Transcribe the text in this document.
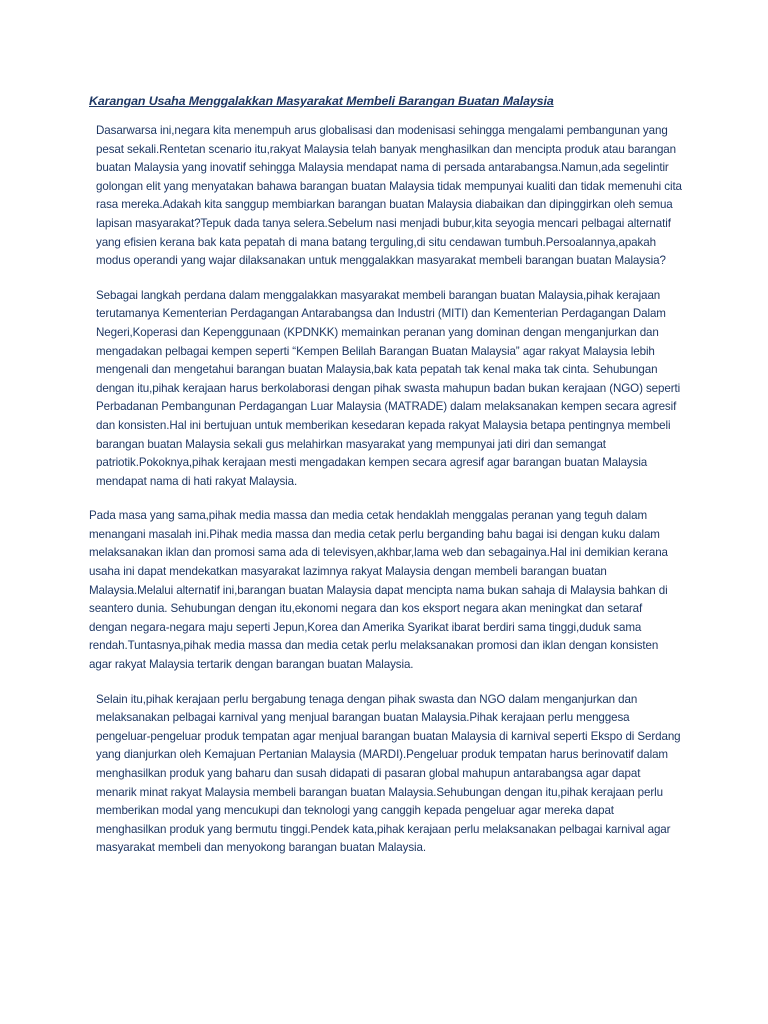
Karangan Usaha Menggalakkan Masyarakat Membeli Barangan Buatan Malaysia
Dasarwarsa ini,negara kita menempuh arus globalisasi dan modenisasi sehingga mengalami pembangunan yang
pesat sekali.Rentetan scenario itu,rakyat Malaysia telah banyak menghasilkan dan mencipta produk atau barangan
buatan Malaysia yang inovatif sehingga Malaysia mendapat nama di persada antarabangsa.Namun,ada segelintir
golongan elit yang menyatakan bahawa barangan buatan Malaysia tidak mempunyai kualiti dan tidak memenuhi cita
rasa mereka.Adakah kita sanggup membiarkan barangan buatan Malaysia diabaikan dan dipinggirkan oleh semua
lapisan masyarakat?Tepuk dada tanya selera.Sebelum nasi menjadi bubur,kita seyogia mencari pelbagai alternatif
yang efisien kerana bak kata pepatah di mana batang terguling,di situ cendawan tumbuh.Persoalannya,apakah
modus operandi yang wajar dilaksanakan untuk menggalakkan masyarakat membeli barangan buatan Malaysia?
Sebagai langkah perdana dalam menggalakkan masyarakat membeli barangan buatan Malaysia,pihak kerajaan
terutamanya Kementerian Perdagangan Antarabangsa dan Industri (MITI) dan Kementerian Perdagangan Dalam
Negeri,Koperasi dan Kepenggunaan (KPDNKK) memainkan peranan yang dominan dengan menganjurkan dan
mengadakan pelbagai kempen seperti “Kempen Belilah Barangan Buatan Malaysia” agar rakyat Malaysia lebih
mengenali dan mengetahui barangan buatan Malaysia,bak kata pepatah tak kenal maka tak cinta. Sehubungan
dengan itu,pihak kerajaan harus berkolaborasi dengan pihak swasta mahupun badan bukan kerajaan (NGO) seperti
Perbadanan Pembangunan Perdagangan Luar Malaysia (MATRADE) dalam melaksanakan kempen secara agresif
dan konsisten.Hal ini bertujuan untuk memberikan kesedaran kepada rakyat Malaysia betapa pentingnya membeli
barangan buatan Malaysia sekali gus melahirkan masyarakat yang mempunyai jati diri dan semangat
patriotik.Pokoknya,pihak kerajaan mesti mengadakan kempen secara agresif agar barangan buatan Malaysia
mendapat nama di hati rakyat Malaysia.
Pada masa yang sama,pihak media massa dan media cetak hendaklah menggalas peranan yang teguh dalam
menangani masalah ini.Pihak media massa dan media cetak perlu berganding bahu bagai isi dengan kuku dalam
melaksanakan iklan dan promosi sama ada di televisyen,akhbar,lama web dan sebagainya.Hal ini demikian kerana
usaha ini dapat mendekatkan masyarakat lazimnya rakyat Malaysia dengan membeli barangan buatan
Malaysia.Melalui alternatif ini,barangan buatan Malaysia dapat mencipta nama bukan sahaja di Malaysia bahkan di
seantero dunia. Sehubungan dengan itu,ekonomi negara dan kos eksport negara akan meningkat dan setaraf
dengan negara-negara maju seperti Jepun,Korea dan Amerika Syarikat ibarat berdiri sama tinggi,duduk sama
rendah.Tuntasnya,pihak media massa dan media cetak perlu melaksanakan promosi dan iklan dengan konsisten
agar rakyat Malaysia tertarik dengan barangan buatan Malaysia.
Selain itu,pihak kerajaan perlu bergabung tenaga dengan pihak swasta dan NGO dalam menganjurkan dan
melaksanakan pelbagai karnival yang menjual barangan buatan Malaysia.Pihak kerajaan perlu menggesa
pengeluar-pengeluar produk tempatan agar menjual barangan buatan Malaysia di karnival seperti Ekspo di Serdang
yang dianjurkan oleh Kemajuan Pertanian Malaysia (MARDI).Pengeluar produk tempatan harus berinovatif dalam
menghasilkan produk yang baharu dan susah didapati di pasaran global mahupun antarabangsa agar dapat
menarik minat rakyat Malaysia membeli barangan buatan Malaysia.Sehubungan dengan itu,pihak kerajaan perlu
memberikan modal yang mencukupi dan teknologi yang canggih kepada pengeluar agar mereka dapat
menghasilkan produk yang bermutu tinggi.Pendek kata,pihak kerajaan perlu melaksanakan pelbagai karnival agar
masyarakat membeli dan menyokong barangan buatan Malaysia.
